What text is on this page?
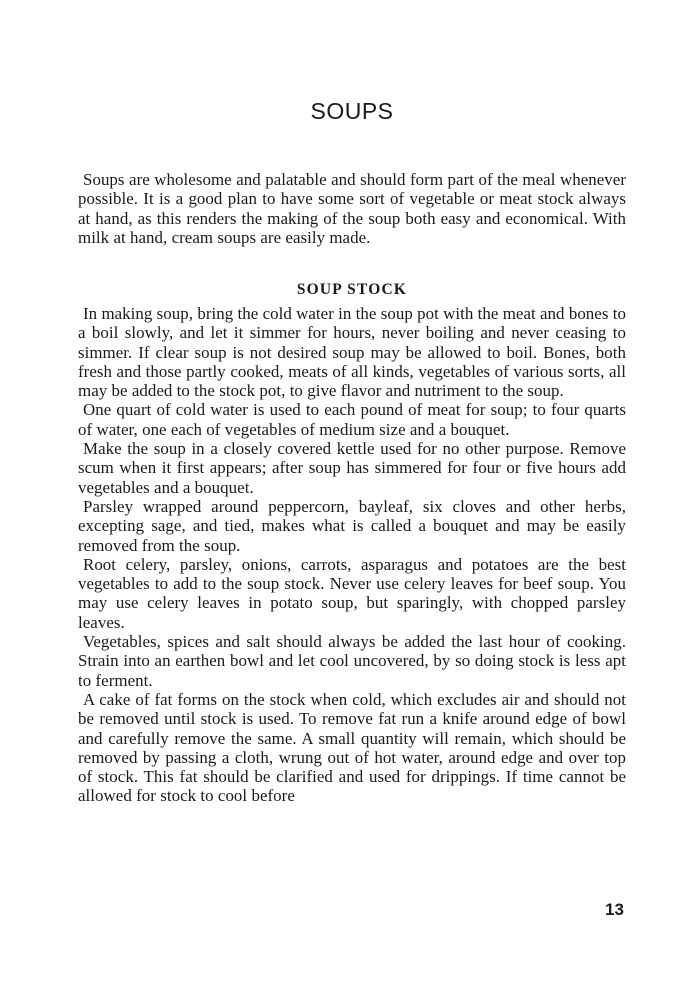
SOUPS

Soups are wholesome and palatable and should form part of the meal whenever possible. It is a good plan to have some sort of vegetable or meat stock always at hand, as this renders the making of the soup both easy and economical. With milk at hand, cream soups are easily made.

SOUP STOCK

In making soup, bring the cold water in the soup pot with the meat and bones to a boil slowly, and let it simmer for hours, never boiling and never ceasing to simmer. If clear soup is not desired soup may be allowed to boil. Bones, both fresh and those partly cooked, meats of all kinds, vegetables of various sorts, all may be added to the stock pot, to give flavor and nutriment to the soup.

One quart of cold water is used to each pound of meat for soup; to four quarts of water, one each of vegetables of medium size and a bouquet.

Make the soup in a closely covered kettle used for no other purpose. Remove scum when it first appears; after soup has simmered for four or five hours add vegetables and a bouquet.

Parsley wrapped around peppercorn, bayleaf, six cloves and other herbs, excepting sage, and tied, makes what is called a bouquet and may be easily removed from the soup.

Root celery, parsley, onions, carrots, asparagus and potatoes are the best vegetables to add to the soup stock. Never use celery leaves for beef soup. You may use celery leaves in potato soup, but sparingly, with chopped parsley leaves.

Vegetables, spices and salt should always be added the last hour of cooking. Strain into an earthen bowl and let cool uncovered, by so doing stock is less apt to ferment.

A cake of fat forms on the stock when cold, which excludes air and should not be removed until stock is used. To remove fat run a knife around edge of bowl and carefully remove the same. A small quantity will remain, which should be removed by passing a cloth, wrung out of hot water, around edge and over top of stock. This fat should be clarified and used for drippings. If time cannot be allowed for stock to cool before

13
